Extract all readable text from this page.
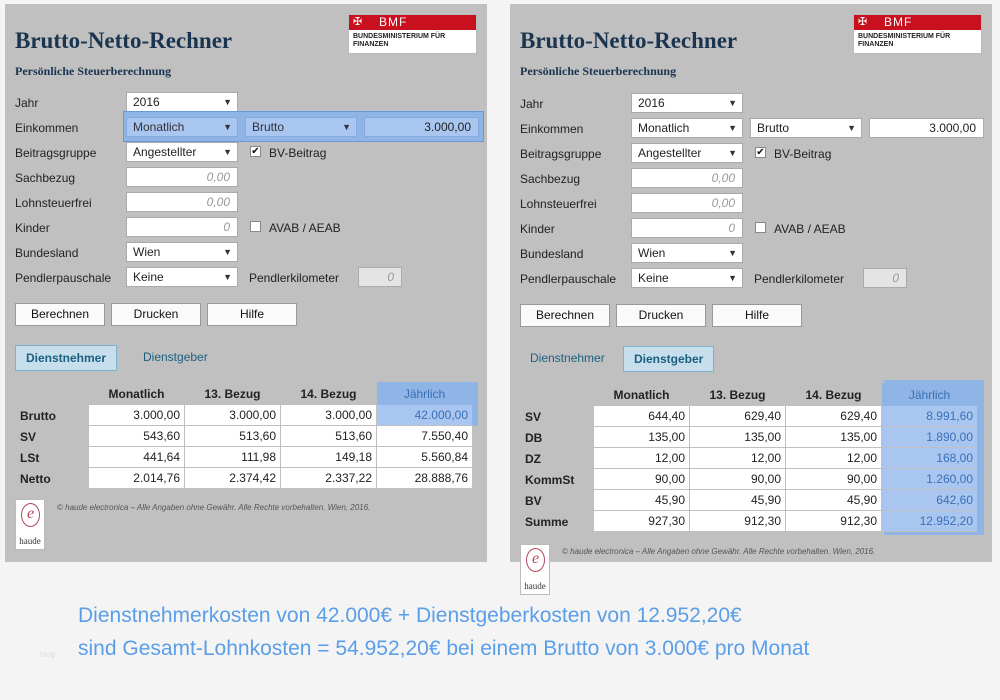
Brutto-Netto-Rechner
Persönliche Steuerberechnung
✠ BMF
BUNDESMINISTERIUM FÜR FINANZEN
Jahr	2016	▼
Einkommen	Monatlich	▼	Brutto	▼	3.000,00
Beitragsgruppe	Angestellter	▼ ✔ BV-Beitrag
Sachbezug	0,00
Lohnsteuerfrei	0,00
Kinder	0	AVAB / AEAB
Bundesland	Wien	▼
Pendlerpauschale	Keine	▼ Pendlerkilometer	0
Berechnen	Drucken	Hilfe
Dienstnehmer	Dienstgeber
	Monatlich	13. Bezug	14. Bezug	Jährlich
Brutto	3.000,00	3.000,00	3.000,00	42.000,00
SV	543,60	513,60	513,60	7.550,40
LSt	441,64	111,98	149,18	5.560,84
Netto	2.014,76	2.374,42	2.337,22	28.888,76
e
haude
© haude electronica – Alle Angaben ohne Gewähr. Alle Rechte vorbehalten. Wien, 2016.
Brutto-Netto-Rechner
Persönliche Steuerberechnung
✠ BMF
BUNDESMINISTERIUM FÜR FINANZEN
Jahr	2016	▼
Einkommen	Monatlich	▼	Brutto	▼	3.000,00
Beitragsgruppe	Angestellter	▼ ✔ BV-Beitrag
Sachbezug	0,00
Lohnsteuerfrei	0,00
Kinder	0	AVAB / AEAB
Bundesland	Wien	▼
Pendlerpauschale	Keine	▼ Pendlerkilometer	0
Berechnen	Drucken	Hilfe
Dienstnehmer	Dienstgeber
	Monatlich	13. Bezug	14. Bezug	Jährlich
SV	644,40	629,40	629,40	8.991,60
DB	135,00	135,00	135,00	1.890,00
DZ	12,00	12,00	12,00	168,00
KommSt	90,00	90,00	90,00	1.260,00
BV	45,90	45,90	45,90	642,60
Summe	927,30	912,30	912,30	12.952,20
e
haude
© haude electronica – Alle Angaben ohne Gewähr. Alle Rechte vorbehalten. Wien, 2016.
blog
Dienstnehmerkosten von 42.000€ + Dienstgeberkosten von 12.952,20€
sind Gesamt-Lohnkosten = 54.952,20€ bei einem Brutto von 3.000€ pro Monat
